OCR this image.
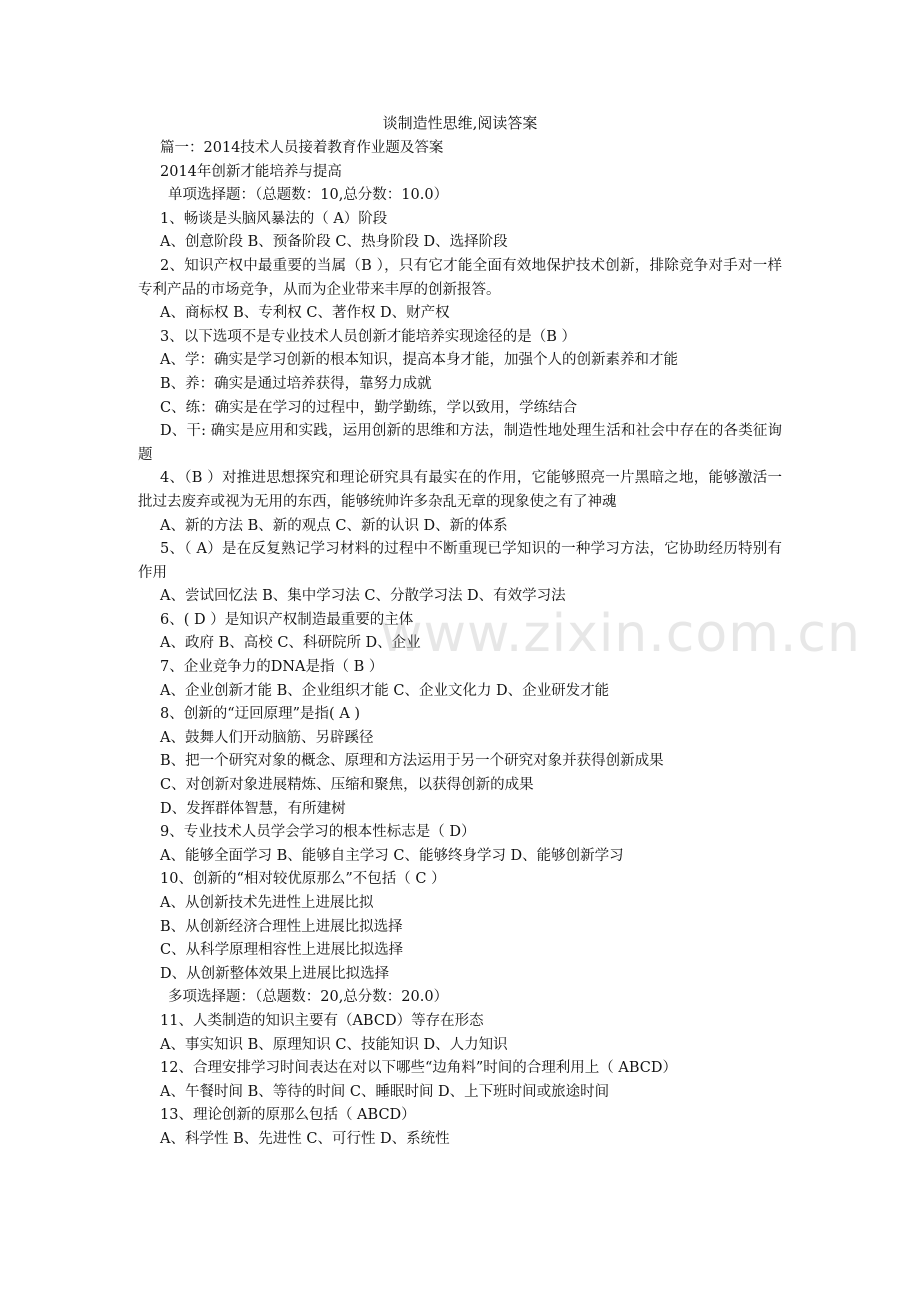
谈制造性思维,阅读答案
篇一：2014技术人员接着教育作业题及答案
2014年创新才能培养与提高
单项选择题：（总题数：10,总分数：10.0）
1、畅谈是头脑风暴法的（ A）阶段
A、创意阶段 B、预备阶段 C、热身阶段 D、选择阶段
2、知识产权中最重要的当属（B ），只有它才能全面有效地保护技术创新，排除竞争对手对一样专利产品的市场竞争，从而为企业带来丰厚的创新报答。
A、商标权 B、专利权 C、著作权 D、财产权
3、以下选项不是专业技术人员创新才能培养实现途径的是（B ）
A、学：确实是学习创新的根本知识，提高本身才能，加强个人的创新素养和才能
B、养：确实是通过培养获得，靠努力成就
C、练：确实是在学习的过程中，勤学勤练，学以致用，学练结合
D、干: 确实是应用和实践，运用创新的思维和方法，制造性地处理生活和社会中存在的各类征询题
4、（B ）对推进思想探究和理论研究具有最实在的作用，它能够照亮一片黑暗之地，能够激活一批过去废弃或视为无用的东西，能够统帅许多杂乱无章的现象使之有了神魂
A、新的方法 B、新的观点 C、新的认识 D、新的体系
5、（ A）是在反复熟记学习材料的过程中不断重现已学知识的一种学习方法，它协助经历特别有作用
A、尝试回忆法 B、集中学习法 C、分散学习法 D、有效学习法
6、( D ）是知识产权制造最重要的主体
A、政府 B、高校 C、科研院所 D、企业
7、企业竞争力的DNA是指（ B ）
A、企业创新才能 B、企业组织才能 C、企业文化力 D、企业研发才能
8、创新的“迂回原理”是指( A )
A、鼓舞人们开动脑筋、另辟蹊径
B、把一个研究对象的概念、原理和方法运用于另一个研究对象并获得创新成果
C、对创新对象进展精炼、压缩和聚焦，以获得创新的成果
D、发挥群体智慧，有所建树
9、专业技术人员学会学习的根本性标志是（ D）
A、能够全面学习 B、能够自主学习 C、能够终身学习 D、能够创新学习
10、创新的“相对较优原那么”不包括（ C ）
A、从创新技术先进性上进展比拟
B、从创新经济合理性上进展比拟选择
C、从科学原理相容性上进展比拟选择
D、从创新整体效果上进展比拟选择
多项选择题：（总题数：20,总分数：20.0）
11、人类制造的知识主要有（ABCD）等存在形态
A、事实知识 B、原理知识 C、技能知识 D、人力知识
12、合理安排学习时间表达在对以下哪些“边角料”时间的合理利用上（ ABCD）
A、午餐时间 B、等待的时间 C、睡眠时间 D、上下班时间或旅途时间
13、理论创新的原那么包括（ ABCD）
A、科学性 B、先进性 C、可行性 D、系统性
www.zixin.com.cn
